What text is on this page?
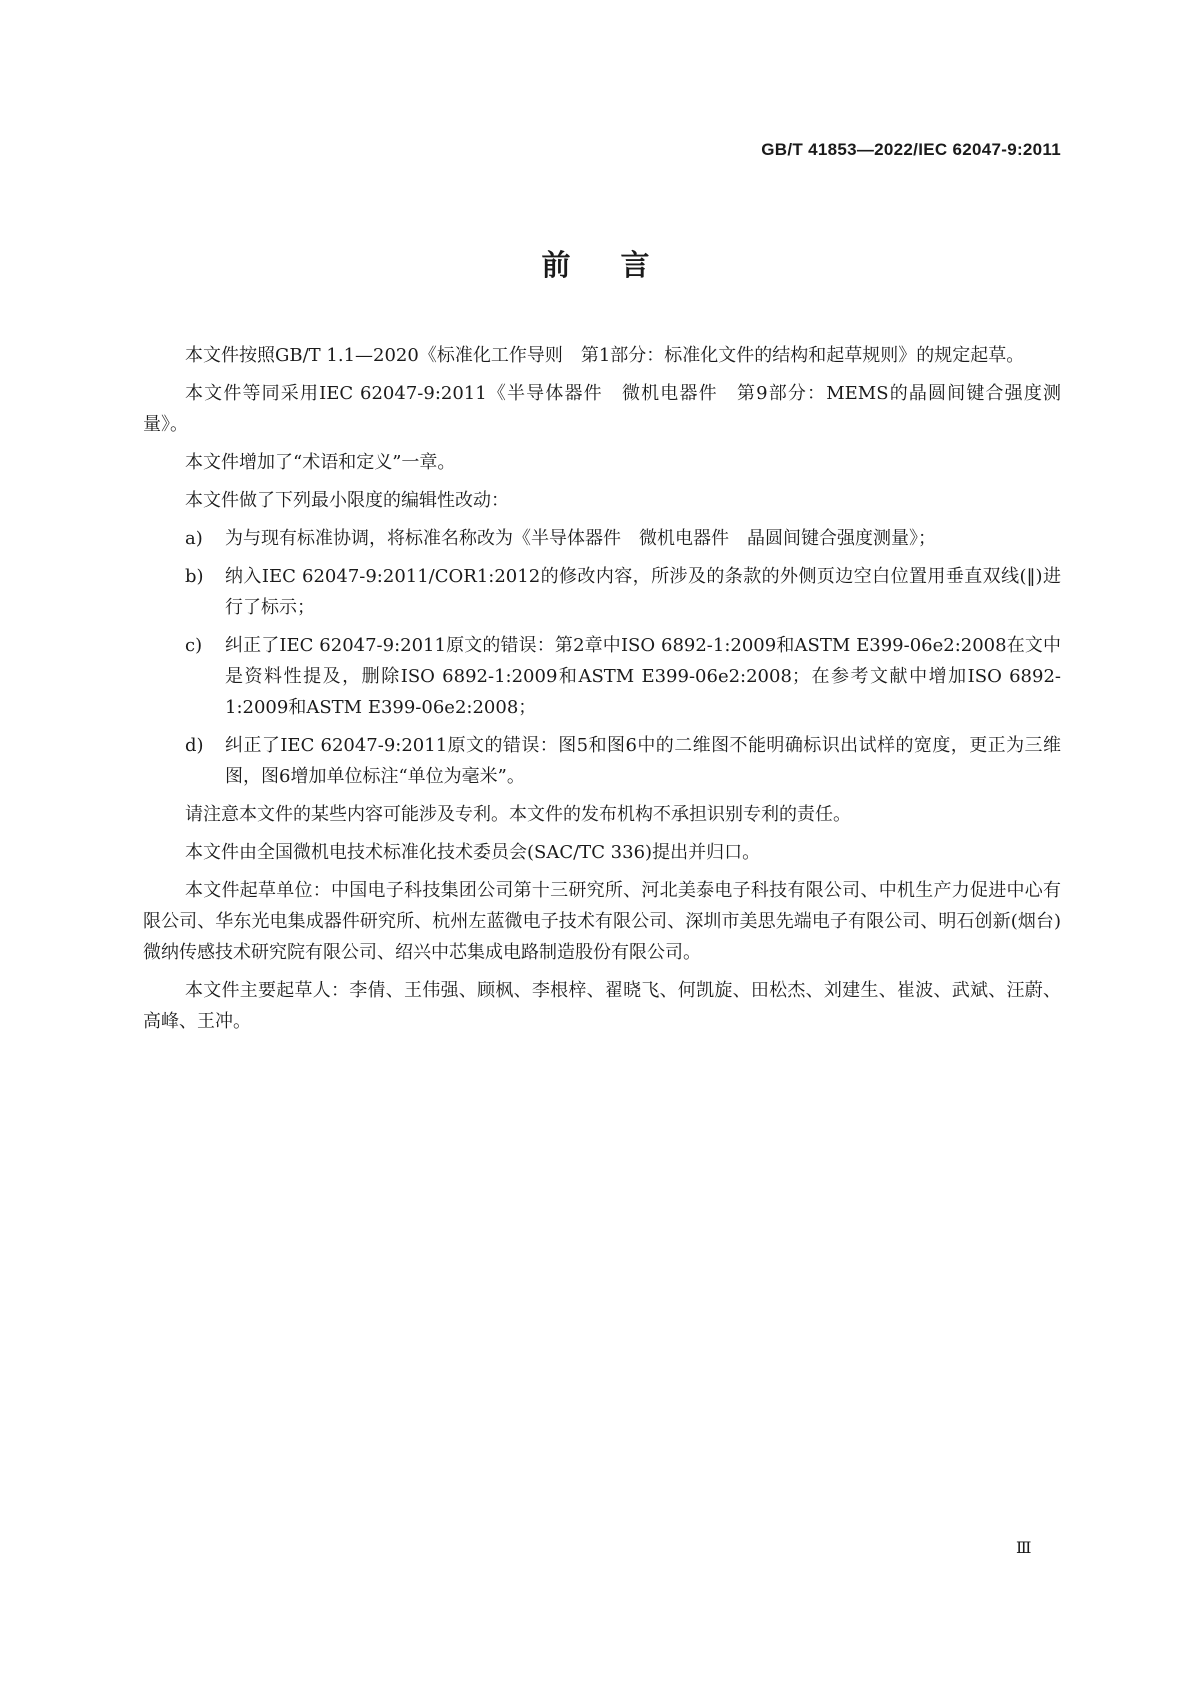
GB/T 41853—2022/IEC 62047-9:2011
前言

本文件按照GB/T 1.1—2020《标准化工作导则　第1部分：标准化文件的结构和起草规则》的规定起草。

本文件等同采用IEC 62047-9:2011《半导体器件　微机电器件　第9部分：MEMS的晶圆间键合强度测量》。

本文件增加了“术语和定义”一章。

本文件做了下列最小限度的编辑性改动：

a)	为与现有标准协调，将标准名称改为《半导体器件　微机电器件　晶圆间键合强度测量》；
b)	纳入IEC 62047-9:2011/COR1:2012的修改内容，所涉及的条款的外侧页边空白位置用垂直双线(‖)进行了标示；
c)	纠正了IEC 62047-9:2011原文的错误：第2章中ISO 6892-1:2009和ASTM E399-06e2:2008在文中是资料性提及，删除ISO 6892-1:2009和ASTM E399-06e2:2008；在参考文献中增加ISO 6892-1:2009和ASTM E399-06e2:2008；
d)	纠正了IEC 62047-9:2011原文的错误：图5和图6中的二维图不能明确标识出试样的宽度，更正为三维图，图6增加单位标注“单位为毫米”。

请注意本文件的某些内容可能涉及专利。本文件的发布机构不承担识别专利的责任。

本文件由全国微机电技术标准化技术委员会(SAC/TC 336)提出并归口。

本文件起草单位：中国电子科技集团公司第十三研究所、河北美泰电子科技有限公司、中机生产力促进中心有限公司、华东光电集成器件研究所、杭州左蓝微电子技术有限公司、深圳市美思先端电子有限公司、明石创新(烟台)微纳传感技术研究院有限公司、绍兴中芯集成电路制造股份有限公司。

本文件主要起草人：李倩、王伟强、顾枫、李根梓、翟晓飞、何凯旋、田松杰、刘建生、崔波、武斌、汪蔚、高峰、王冲。

Ⅲ
